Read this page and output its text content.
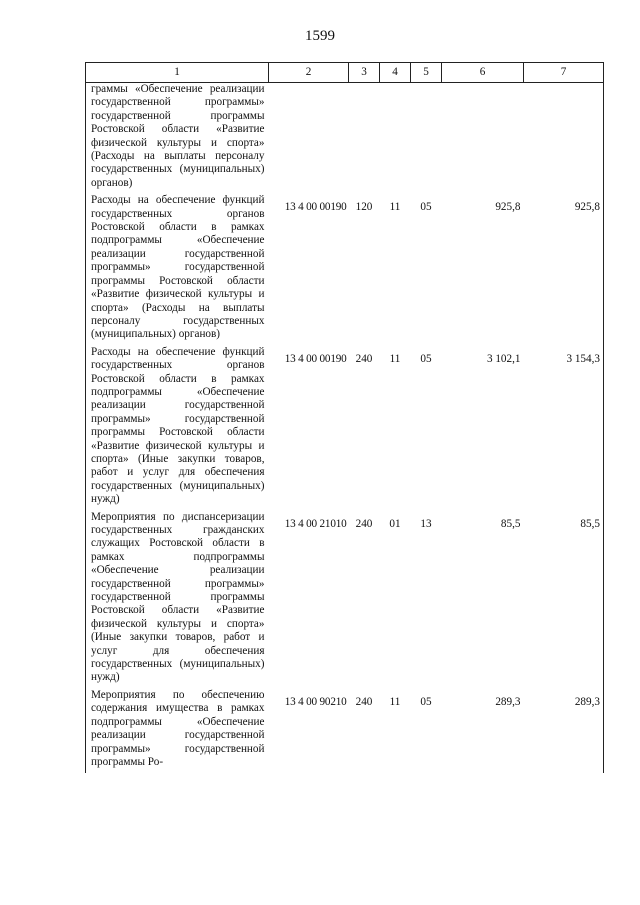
1599
1	2	3	4	5	6	7

граммы «Обеспечение реализации государственной программы» государственной программы Ростовской области «Развитие физической культуры и спорта» (Расходы на выплаты персоналу государственных (муниципальных) органов)						

Расходы на обеспечение функций государственных органов Ростовской области в рамках подпрограммы «Обеспечение реализации государственной программы» государственной программы Ростовской области «Развитие физической культуры и спорта» (Расходы на выплаты персоналу государственных (муниципальных) органов)	13 4 00 00190	120	11	05	925,8	925,8

Расходы на обеспечение функций государственных органов Ростовской области в рамках подпрограммы «Обеспечение реализации государственной программы» государственной программы Ростовской области «Развитие физической культуры и спорта» (Иные закупки товаров, работ и услуг для обеспечения государственных (муниципальных) нужд)	13 4 00 00190	240	11	05	3 102,1	3 154,3

Мероприятия по диспансеризации государственных гражданских служащих Ростовской области в рамках подпрограммы «Обеспечение реализации государственной программы» государственной программы Ростовской области «Развитие физической культуры и спорта» (Иные закупки товаров, работ и услуг для обеспечения государственных (муниципальных) нужд)	13 4 00 21010	240	01	13	85,5	85,5

Мероприятия по обеспечению содержания имущества в рамках подпрограммы «Обеспечение реализации государственной программы» государственной программы Ро-	13 4 00 90210	240	11	05	289,3	289,3
